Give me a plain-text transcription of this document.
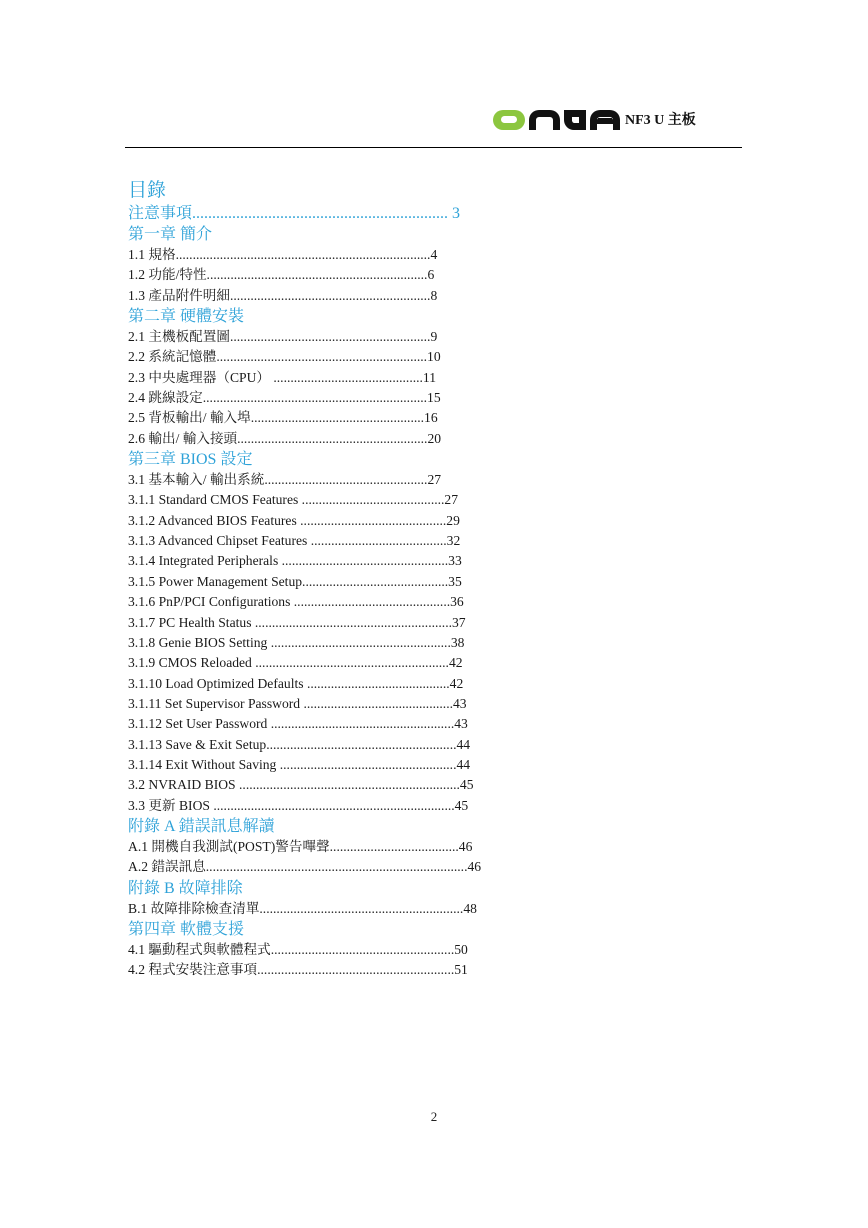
NF3 U 主板
目錄
注意事項................................................................ 3
第一章 簡介
1.1 規格...........................................................................4
1.2 功能/特性.................................................................6
1.3 產品附件明細...........................................................8
第二章 硬體安裝
2.1 主機板配置圖...........................................................9
2.2 系統記憶體..............................................................10
2.3 中央處理器（CPU） ............................................11
2.4 跳線設定..................................................................15
2.5 背板輸出/ 輸入埠...................................................16
2.6 輸出/ 輸入接頭........................................................20
第三章 BIOS 設定
3.1 基本輸入/ 輸出系統................................................27
3.1.1 Standard CMOS Features ..........................................27
3.1.2 Advanced BIOS Features ...........................................29
3.1.3 Advanced Chipset Features ........................................32
3.1.4 Integrated Peripherals .................................................33
3.1.5 Power Management Setup...........................................35
3.1.6 PnP/PCI Configurations ..............................................36
3.1.7 PC Health Status ..........................................................37
3.1.8 Genie BIOS Setting .....................................................38
3.1.9 CMOS Reloaded .........................................................42
3.1.10 Load Optimized Defaults ..........................................42
3.1.11 Set Supervisor Password ............................................43
3.1.12 Set User Password ......................................................43
3.1.13 Save & Exit Setup........................................................44
3.1.14 Exit Without Saving ....................................................44
3.2 NVRAID BIOS .................................................................45
3.3 更新 BIOS .......................................................................45
附錄 A 錯誤訊息解讀
A.1 開機自我測試(POST)警告嗶聲......................................46
A.2 錯誤訊息.............................................................................46
附錄 B 故障排除
B.1 故障排除檢查清單............................................................48
第四章 軟體支援
4.1 驅動程式與軟體程式......................................................50
4.2 程式安裝注意事項..........................................................51
2
